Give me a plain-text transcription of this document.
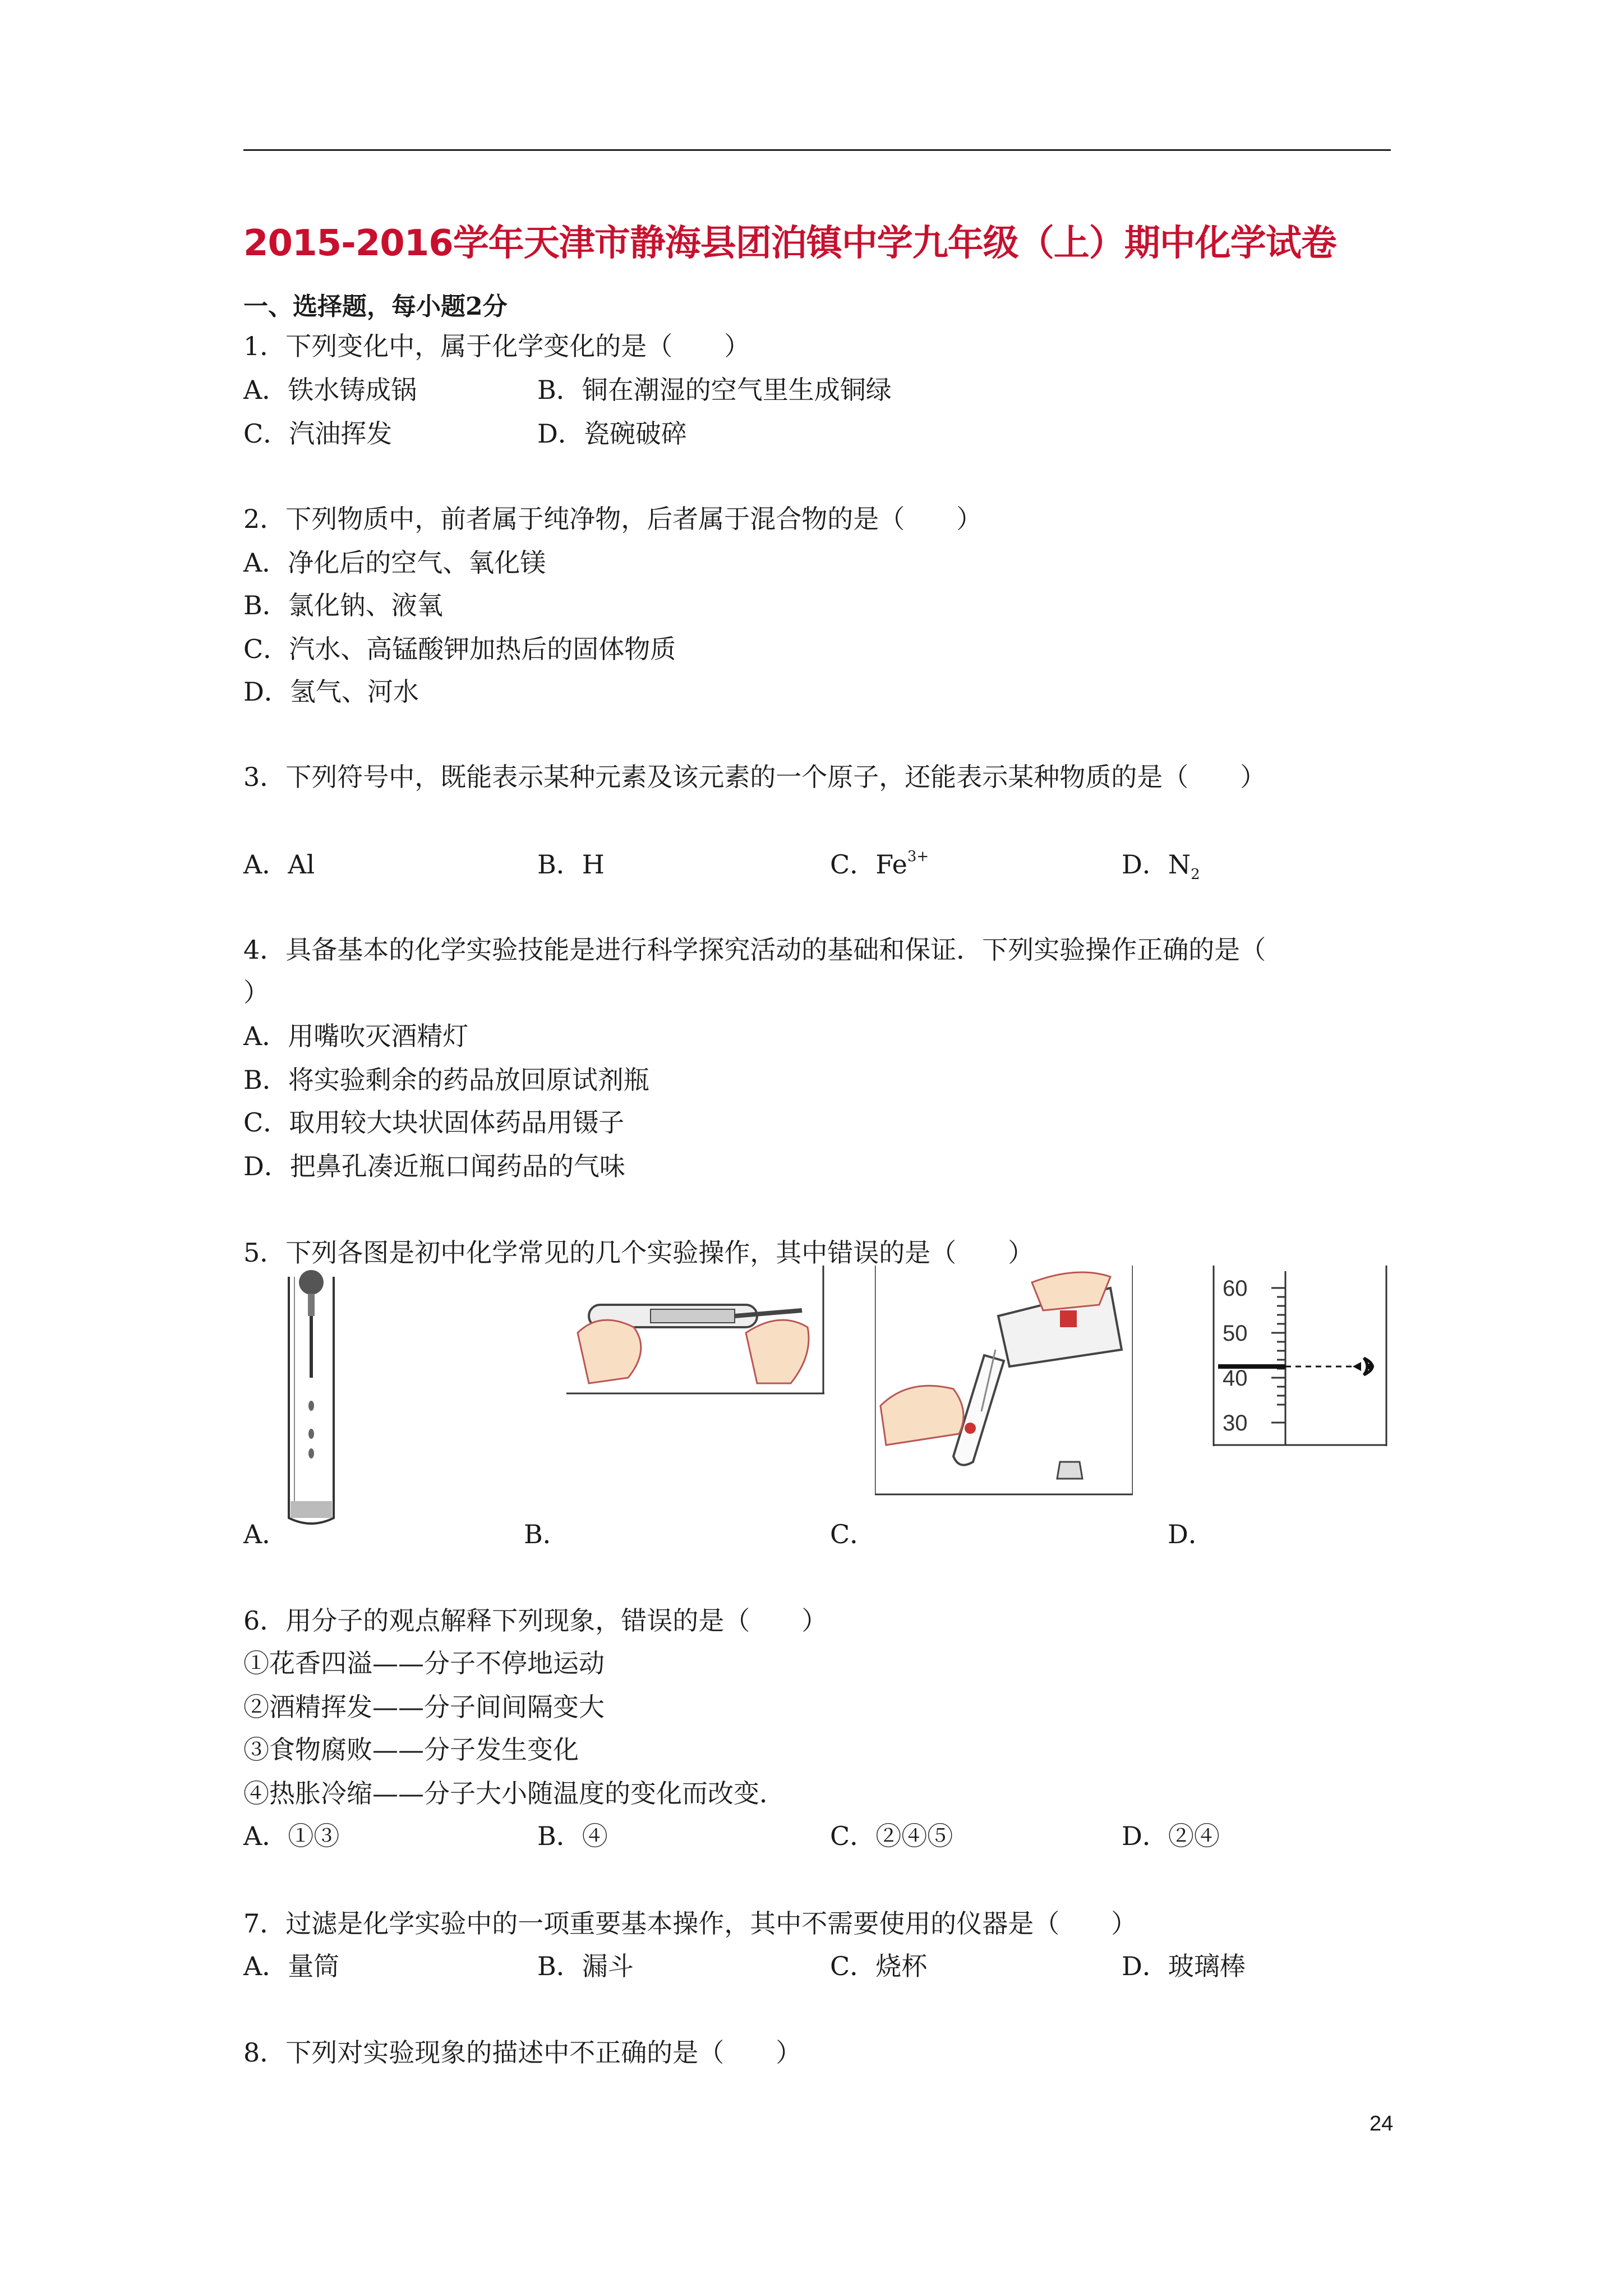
2015-2016学年天津市静海县团泊镇中学九年级（上）期中化学试卷
一、选择题，每小题2分
1．下列变化中，属于化学变化的是（　　）
A．铁水铸成锅	B．铜在潮湿的空气里生成铜绿
C．汽油挥发	D．瓷碗破碎
2．下列物质中，前者属于纯净物，后者属于混合物的是（　　）
A．净化后的空气、氧化镁
B．氯化钠、液氧
C．汽水、高锰酸钾加热后的固体物质
D．氢气、河水
3．下列符号中，既能表示某种元素及该元素的一个原子，还能表示某种物质的是（　　）
A．Al	B．H	C．$Fe^{3+}$	D．$N_2$
4．具备基本的化学实验技能是进行科学探究活动的基础和保证．下列实验操作正确的是（
）
A．用嘴吹灭酒精灯
B．将实验剩余的药品放回原试剂瓶
C．取用较大块状固体药品用镊子
D．把鼻孔凑近瓶口闻药品的气味
5．下列各图是初中化学常见的几个实验操作，其中错误的是（　　）
60
50
40
30
A．	B．	C．	D．
6．用分子的观点解释下列现象，错误的是（　　）
①花香四溢——分子不停地运动
②酒精挥发——分子间间隔变大
③食物腐败——分子发生变化
④热胀冷缩——分子大小随温度的变化而改变．
A．①③	B．④	C．②④⑤	D．②④
7．过滤是化学实验中的一项重要基本操作，其中不需要使用的仪器是（　　）
A．量筒	B．漏斗	C．烧杯	D．玻璃棒
8．下列对实验现象的描述中不正确的是（　　）
24
